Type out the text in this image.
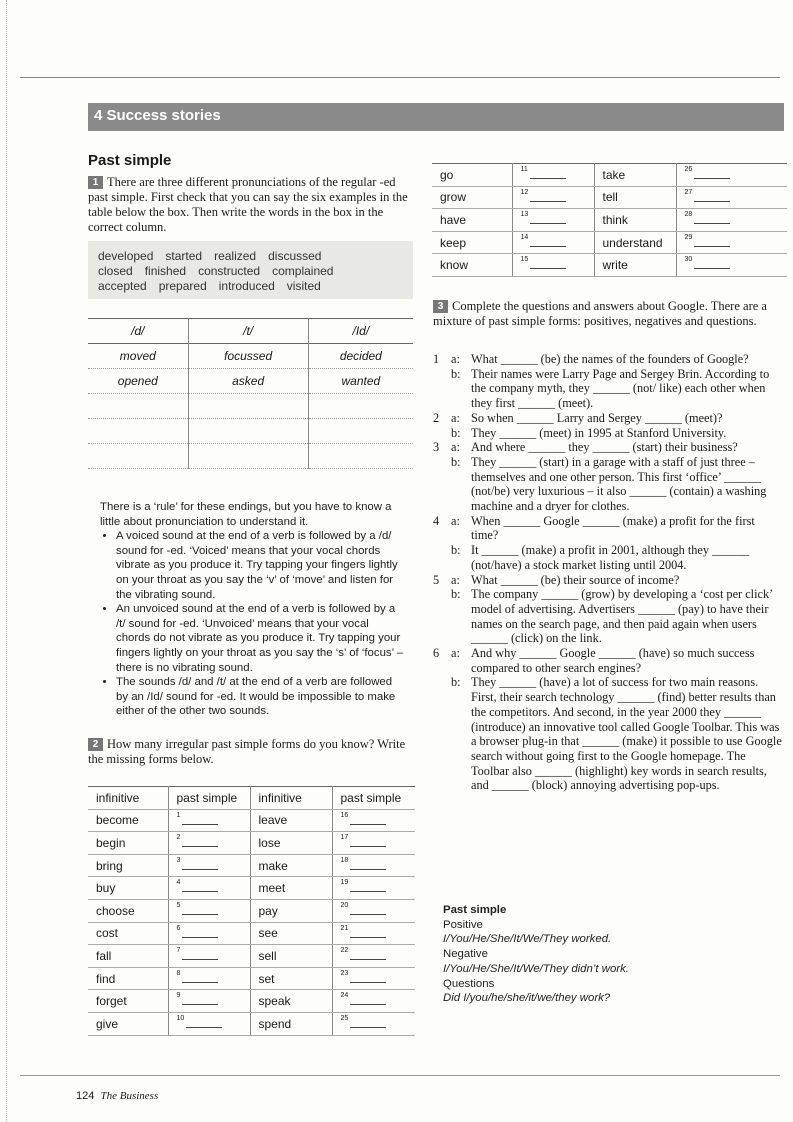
4 Success stories
Past simple
1 There are three different pronunciations of the regular -ed past simple. First check that you can say the six examples in the table below the box. Then write the words in the box in the correct column.
developed started realized discussed
closed finished constructed complained
accepted prepared introduced visited
/d/	/t/	/Id/
moved	focussed	decided
opened	asked	wanted

There is a ‘rule’ for these endings, but you have to know a little about pronunciation to understand it.
• A voiced sound at the end of a verb is followed by a /d/ sound for -ed. ‘Voiced’ means that your vocal chords vibrate as you produce it. Try tapping your fingers lightly on your throat as you say the ‘v’ of ‘move’ and listen for the vibrating sound.
• An unvoiced sound at the end of a verb is followed by a /t/ sound for -ed. ‘Unvoiced’ means that your vocal chords do not vibrate as you produce it. Try tapping your fingers lightly on your throat as you say the ‘s’ of ‘focus’ – there is no vibrating sound.
• The sounds /d/ and /t/ at the end of a verb are followed by an /Id/ sound for -ed. It would be impossible to make either of the other two sounds.
2 How many irregular past simple forms do you know? Write the missing forms below.
infinitive	past simple	infinitive	past simple
become	$^1$	leave	$^{16}$
begin	$^2$	lose	$^{17}$
bring	$^3$	make	$^{18}$
buy	$^4$	meet	$^{19}$
choose	$^5$	pay	$^{20}$
cost	$^6$	see	$^{21}$
fall	$^7$	sell	$^{22}$
find	$^8$	set	$^{23}$
forget	$^9$	speak	$^{24}$
give	$^{10}$	spend	$^{25}$
go	$^{11}$	take	$^{26}$
grow	$^{12}$	tell	$^{27}$
have	$^{13}$	think	$^{28}$
keep	$^{14}$	understand	$^{29}$
know	$^{15}$	write	$^{30}$
3 Complete the questions and answers about Google. There are a mixture of past simple forms: positives, negatives and questions.
1 a: What ______ (be) the names of the founders of Google?
b: Their names were Larry Page and Sergey Brin. According to the company myth, they ______ (not/ like) each other when they first ______ (meet).
2 a: So when ______ Larry and Sergey ______ (meet)?
b: They ______ (meet) in 1995 at Stanford University.
3 a: And where ______ they ______ (start) their business?
b: They ______ (start) in a garage with a staff of just three – themselves and one other person. This first ‘office’ ______ (not/be) very luxurious – it also ______ (contain) a washing machine and a dryer for clothes.
4 a: When ______ Google ______ (make) a profit for the first time?
b: It ______ (make) a profit in 2001, although they ______ (not/have) a stock market listing until 2004.
5 a: What ______ (be) their source of income?
b: The company ______ (grow) by developing a ‘cost per click’ model of advertising. Advertisers ______ (pay) to have their names on the search page, and then paid again when users ______ (click) on the link.
6 a: And why ______ Google ______ (have) so much success compared to other search engines?
b: They ______ (have) a lot of success for two main reasons. First, their search technology ______ (find) better results than the competitors. And second, in the year 2000 they ______ (introduce) an innovative tool called Google Toolbar. This was a browser plug-in that ______ (make) it possible to use Google search without going first to the Google homepage. The Toolbar also ______ (highlight) key words in search results, and ______ (block) annoying advertising pop-ups.
Past simple
Positive
I/You/He/She/It/We/They worked.
Negative
I/You/He/She/It/We/They didn’t work.
Questions
Did I/you/he/she/it/we/they work?
124 The Business
